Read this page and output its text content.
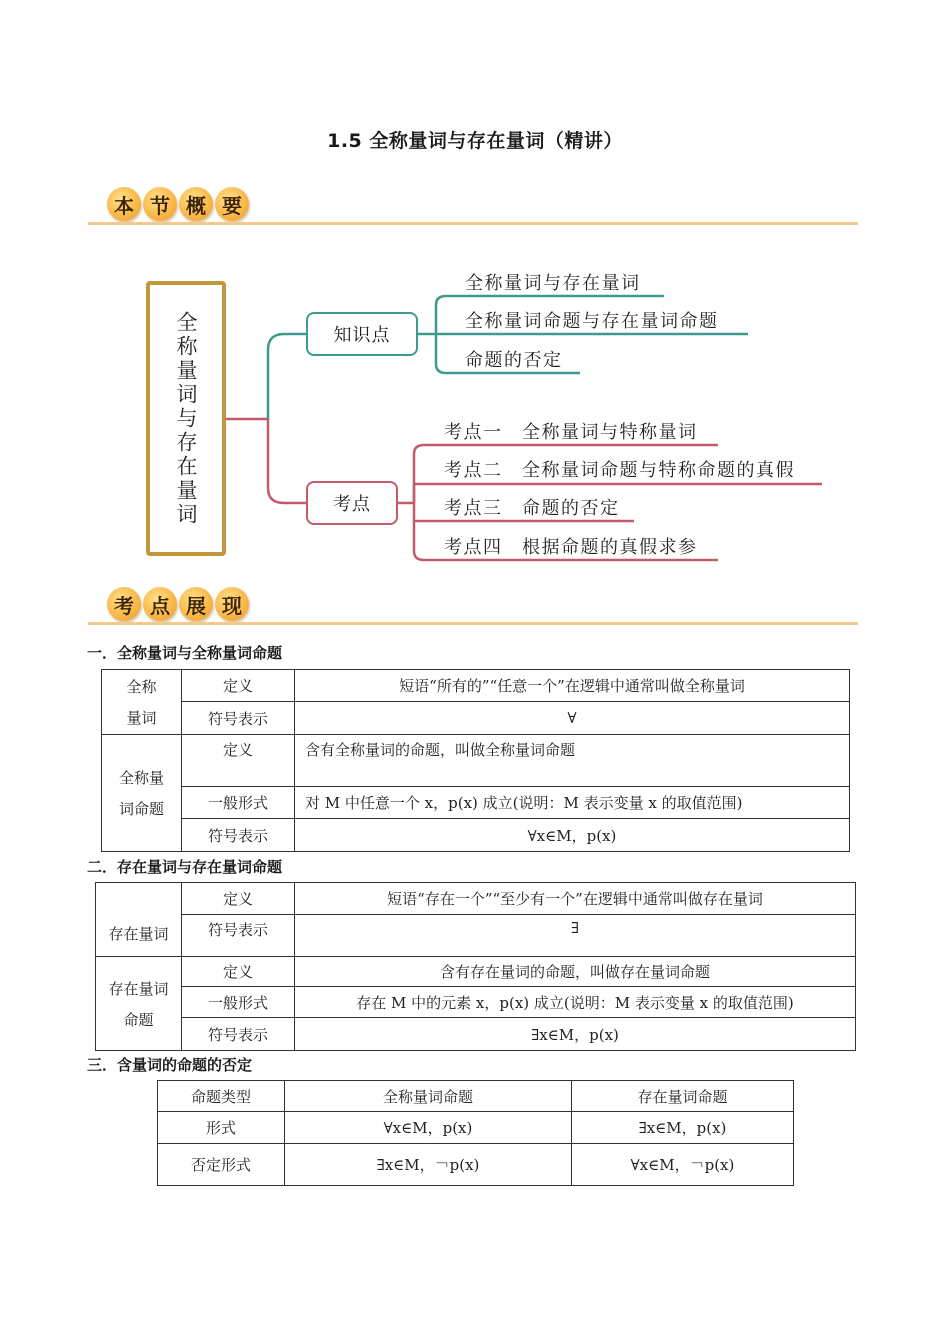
1.5 全称量词与存在量词（精讲）
本 节 概 要
全称量词与存在量词	知识点
考点
全称量词与存在量词
全称量词命题与存在量词命题
命题的否定
考点一　全称量词与特称量词
考点二　全称量词命题与特称命题的真假
考点三　命题的否定
考点四　根据命题的真假求参
考 点 展 现
一．全称量词与全称量词命题
全称
量词	定义	短语“所有的”“任意一个”在逻辑中通常叫做全称量词
	符号表示	∀

全称量
词命题	定义	含有全称量词的命题，叫做全称量词命题
	一般形式	对 M 中任意一个 x，p(x) 成立(说明：M 表示变量 x 的取值范围)
	符号表示	∀x∈M，p(x)
二．存在量词与存在量词命题
存在量词	定义	短语“存在一个”“至少有一个”在逻辑中通常叫做存在量词
	符号表示	∃

存在量词
命题	定义	含有存在量词的命题，叫做存在量词命题
	一般形式	存在 M 中的元素 x，p(x) 成立(说明：M 表示变量 x 的取值范围)
	符号表示	∃x∈M，p(x)
三．含量词的命题的否定
命题类型	全称量词命题	存在量词命题
形式	∀x∈M，p(x)	∃x∈M，p(x)
否定形式	∃x∈M，￢p(x)	∀x∈M，￢p(x)
